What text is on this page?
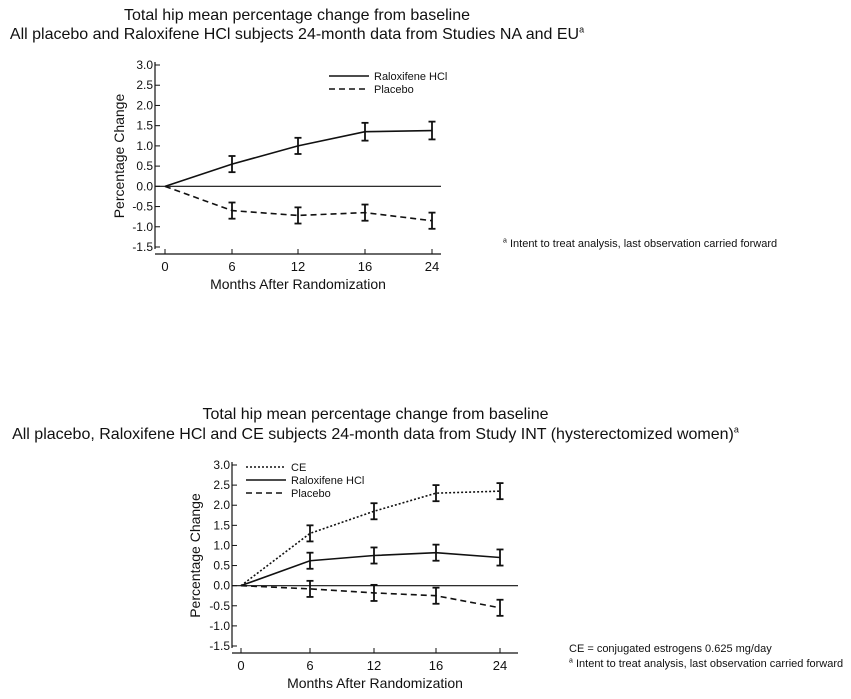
Total hip mean percentage change from baseline
All placebo and Raloxifene HCl subjects 24-month data from Studies NA and $EU^a$
$^a$ Intent to treat analysis, last observation carried forward
Total hip mean percentage change from baseline
All placebo, Raloxifene HCl and CE subjects 24-month data from Study INT (hysterectomized women)$^a$
CE = conjugated estrogens 0.625 mg/day
$^a$ Intent to treat analysis, last observation carried forward
3.0
2.5
2.0
1.5
1.0
0.5
0.0
-0.5
-1.0
-1.5
0	6	12	16	24
Months After Randomization
Percentage Change
Raloxifene HCl
Placebo
3.0
2.5
2.0
1.5
1.0
0.5
0.0
-0.5
-1.0
-1.5
0	6	12	16	24
Months After Randomization
Percentage Change
CE
Raloxifene HCl
Placebo
